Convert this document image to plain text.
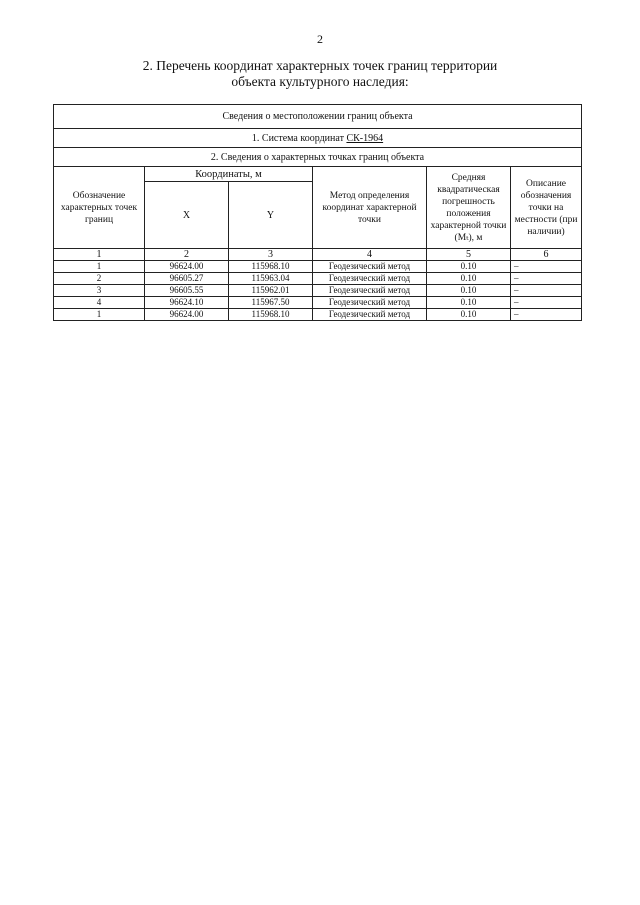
2
2. Перечень координат характерных точек границ территории
объекта культурного наследия:
Сведения о местоположении границ объекта					
1. Система координат СК-1964					
2. Сведения о характерных точках границ объекта					
Обозначение характерных точек границ	Координаты, м		Метод определения координат характерной точки	Средняя квадратическая погрешность положения характерной точки (Mₜ), м	Описание обозначения точки на местности (при наличии)
	X	Y			
1	2	3	4	5	6
1	96624.00	115968.10	Геодезический метод	0.10	–
2	96605.27	115963.04	Геодезический метод	0.10	–
3	96605.55	115962.01	Геодезический метод	0.10	–
4	96624.10	115967.50	Геодезический метод	0.10	–
1	96624.00	115968.10	Геодезический метод	0.10	–
